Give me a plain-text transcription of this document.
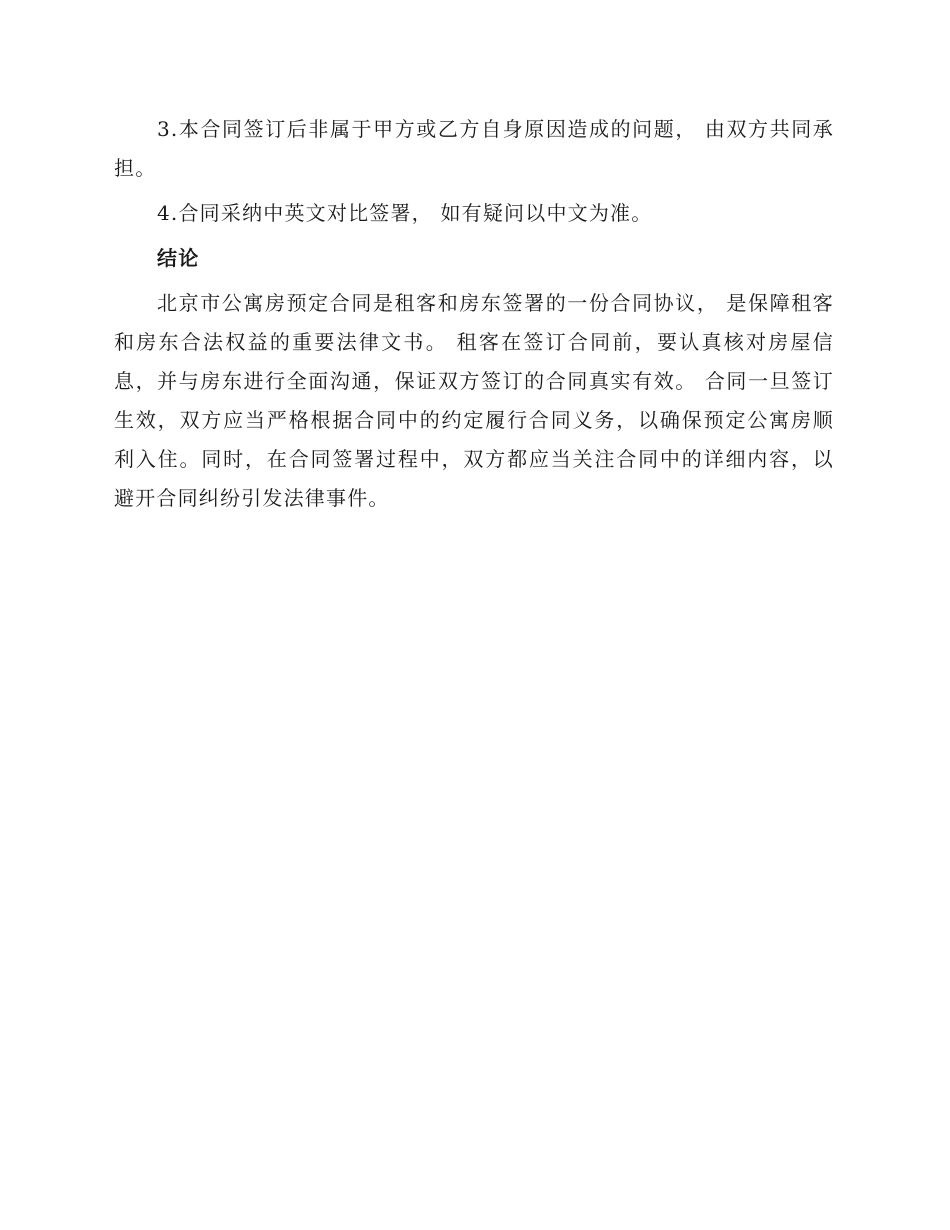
3.本合同签订后非属于甲方或乙方自身原因造成的问题， 由双方共同承担。

4.合同采纳中英文对比签署， 如有疑问以中文为准。

结论

北京市公寓房预定合同是租客和房东签署的一份合同协议， 是保障租客和房东合法权益的重要法律文书。 租客在签订合同前，要认真核对房屋信息，并与房东进行全面沟通，保证双方签订的合同真实有效。 合同一旦签订生效，双方应当严格根据合同中的约定履行合同义务，以确保预定公寓房顺利入住。同时，在合同签署过程中，双方都应当关注合同中的详细内容，以避开合同纠纷引发法律事件。
